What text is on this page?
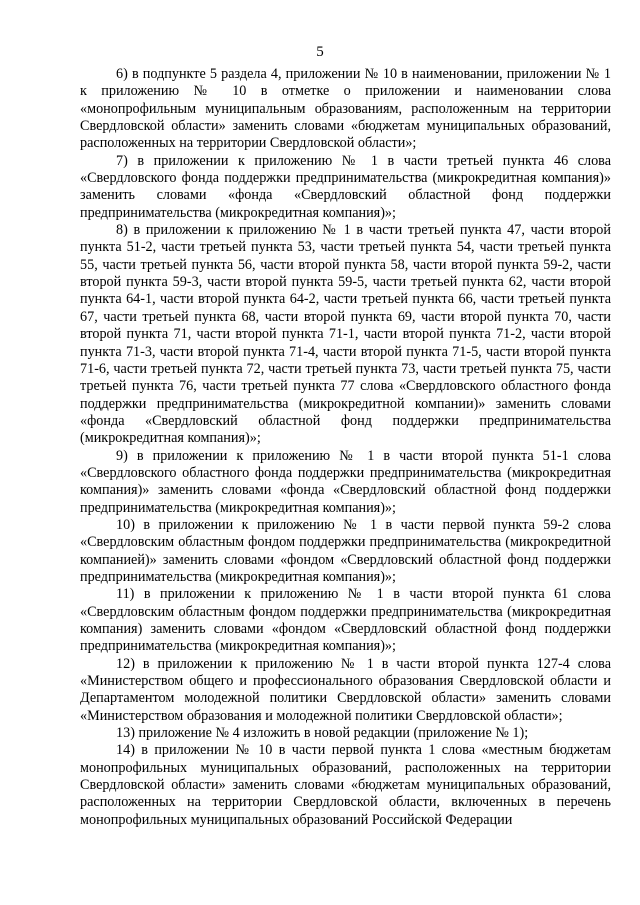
5

6) в подпункте 5 раздела 4, приложении № 10 в наименовании, приложении № 1 к приложению № 10 в отметке о приложении и наименовании слова «монопрофильным муниципальным образованиям, расположенным на территории Свердловской области» заменить словами «бюджетам муниципальных образований, расположенных на территории Свердловской области»;

7) в приложении к приложению № 1 в части третьей пункта 46 слова «Свердловского фонда поддержки предпринимательства (микрокредитная компания)» заменить словами «фонда «Свердловский областной фонд поддержки предпринимательства (микрокредитная компания)»;

8) в приложении к приложению № 1 в части третьей пункта 47, части второй пункта 51-2, части третьей пункта 53, части третьей пункта 54, части третьей пункта 55, части третьей пункта 56, части второй пункта 58, части второй пункта 59-2, части второй пункта 59-3, части второй пункта 59-5, части третьей пункта 62, части второй пункта 64-1, части второй пункта 64-2, части третьей пункта 66, части третьей пункта 67, части третьей пункта 68, части второй пункта 69, части второй пункта 70, части второй пункта 71, части второй пункта 71-1, части второй пункта 71-2, части второй пункта 71-3, части второй пункта 71-4, части второй пункта 71-5, части второй пункта 71-6, части третьей пункта 72, части третьей пункта 73, части третьей пункта 75, части третьей пункта 76, части третьей пункта 77 слова «Свердловского областного фонда поддержки предпринимательства (микрокредитной компании)» заменить словами «фонда «Свердловский областной фонд поддержки предпринимательства (микрокредитная компания)»;

9) в приложении к приложению № 1 в части второй пункта 51-1 слова «Свердловского областного фонда поддержки предпринимательства (микрокредитная компания)» заменить словами «фонда «Свердловский областной фонд поддержки предпринимательства (микрокредитная компания)»;

10) в приложении к приложению № 1 в части первой пункта 59-2 слова «Свердловским областным фондом поддержки предпринимательства (микрокредитной компанией)» заменить словами «фондом «Свердловский областной фонд поддержки предпринимательства (микрокредитная компания)»;

11) в приложении к приложению № 1 в части второй пункта 61 слова «Свердловским областным фондом поддержки предпринимательства (микрокредитная компания) заменить словами «фондом «Свердловский областной фонд поддержки предпринимательства (микрокредитная компания)»;

12) в приложении к приложению № 1 в части второй пункта 127-4 слова «Министерством общего и профессионального образования Свердловской области и Департаментом молодежной политики Свердловской области» заменить словами «Министерством образования и молодежной политики Свердловской области»;

13) приложение № 4 изложить в новой редакции (приложение № 1);

14) в приложении № 10 в части первой пункта 1 слова «местным бюджетам монопрофильных муниципальных образований, расположенных на территории Свердловской области» заменить словами «бюджетам муниципальных образований, расположенных на территории Свердловской области, включенных в перечень монопрофильных муниципальных образований Российской Федерации
